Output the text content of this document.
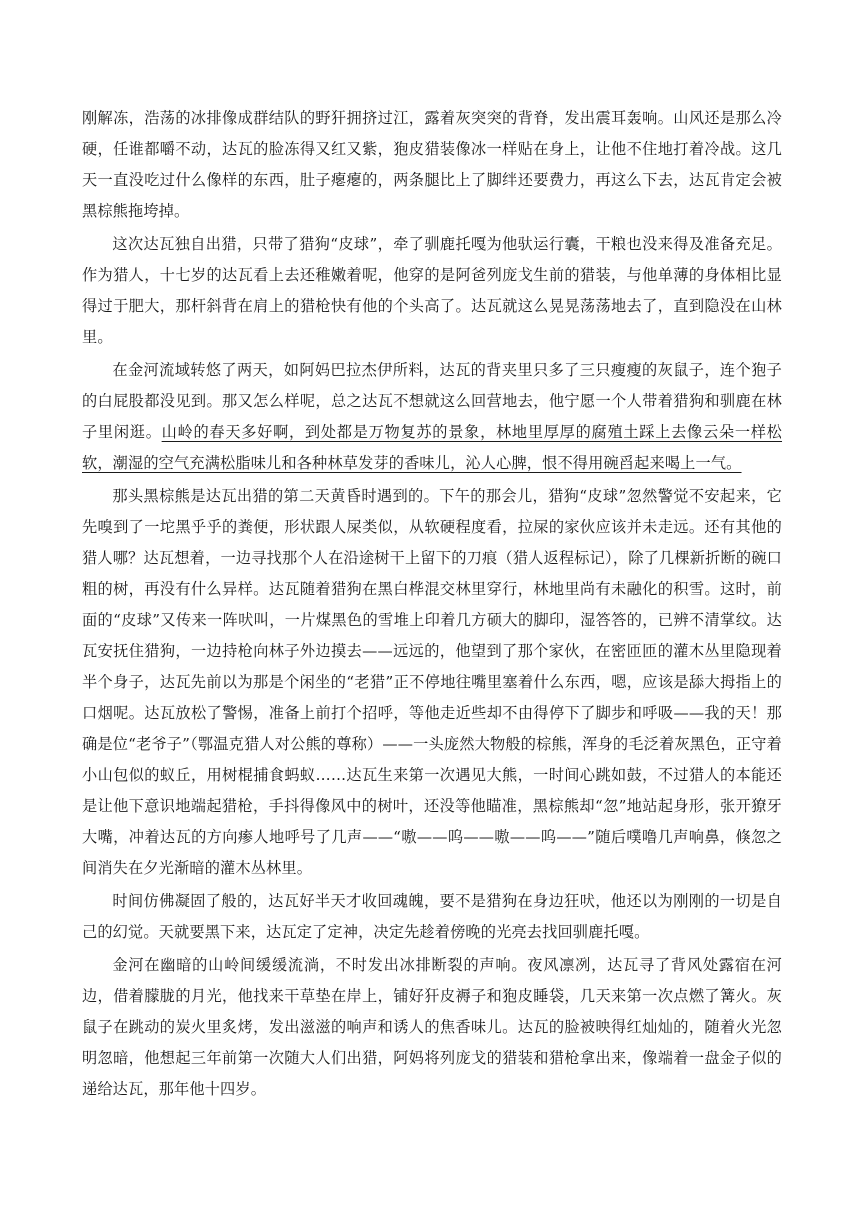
刚解冻，浩荡的冰排像成群结队的野犴拥挤过江，露着灰突突的背脊，发出震耳轰响。山风还是那么冷硬，任谁都嚼不动，达瓦的脸冻得又红又紫，狍皮猎装像冰一样贴在身上，让他不住地打着冷战。这几天一直没吃过什么像样的东西，肚子瘪瘪的，两条腿比上了脚绊还要费力，再这么下去，达瓦肯定会被黑棕熊拖垮掉。

这次达瓦独自出猎，只带了猎狗“皮球”，牵了驯鹿托嘎为他驮运行囊，干粮也没来得及准备充足。作为猎人，十七岁的达瓦看上去还稚嫩着呢，他穿的是阿爸列庞戈生前的猎装，与他单薄的身体相比显得过于肥大，那杆斜背在肩上的猎枪快有他的个头高了。达瓦就这么晃晃荡荡地去了，直到隐没在山林里。

在金河流域转悠了两天，如阿妈巴拉杰伊所料，达瓦的背夹里只多了三只瘦瘦的灰鼠子，连个狍子的白屁股都没见到。那又怎么样呢，总之达瓦不想就这么回营地去，他宁愿一个人带着猎狗和驯鹿在林子里闲逛。山岭的春天多好啊，到处都是万物复苏的景象，林地里厚厚的腐殖土踩上去像云朵一样松软，潮湿的空气充满松脂味儿和各种林草发芽的香味儿，沁人心脾，恨不得用碗舀起来喝上一气。

那头黑棕熊是达瓦出猎的第二天黄昏时遇到的。下午的那会儿，猎狗“皮球”忽然警觉不安起来，它先嗅到了一坨黑乎乎的粪便，形状跟人屎类似，从软硬程度看，拉屎的家伙应该并未走远。还有其他的猎人哪？达瓦想着，一边寻找那个人在沿途树干上留下的刀痕（猎人返程标记），除了几棵新折断的碗口粗的树，再没有什么异样。达瓦随着猎狗在黑白桦混交林里穿行，林地里尚有未融化的积雪。这时，前面的“皮球”又传来一阵吠叫，一片煤黑色的雪堆上印着几方硕大的脚印，湿答答的，已辨不清掌纹。达瓦安抚住猎狗，一边持枪向林子外边摸去——远远的，他望到了那个家伙，在密匝匝的灌木丛里隐现着半个身子，达瓦先前以为那是个闲坐的“老猎”正不停地往嘴里塞着什么东西，嗯，应该是舔大拇指上的口烟呢。达瓦放松了警惕，准备上前打个招呼，等他走近些却不由得停下了脚步和呼吸——我的天！那确是位“老爷子”（鄂温克猎人对公熊的尊称）——一头庞然大物般的棕熊，浑身的毛泛着灰黑色，正守着小山包似的蚁丘，用树棍捕食蚂蚁……达瓦生来第一次遇见大熊，一时间心跳如鼓，不过猎人的本能还是让他下意识地端起猎枪，手抖得像风中的树叶，还没等他瞄准，黑棕熊却“忽”地站起身形，张开獠牙大嘴，冲着达瓦的方向瘆人地呼号了几声——“嗷——呜——嗷——呜——”随后噗噜几声响鼻，倏忽之间消失在夕光渐暗的灌木丛林里。

时间仿佛凝固了般的，达瓦好半天才收回魂魄，要不是猎狗在身边狂吠，他还以为刚刚的一切是自己的幻觉。天就要黑下来，达瓦定了定神，决定先趁着傍晚的光亮去找回驯鹿托嘎。

金河在幽暗的山岭间缓缓流淌，不时发出冰排断裂的声响。夜风凛冽，达瓦寻了背风处露宿在河边，借着朦胧的月光，他找来干草垫在岸上，铺好犴皮褥子和狍皮睡袋，几天来第一次点燃了篝火。灰鼠子在跳动的炭火里炙烤，发出滋滋的响声和诱人的焦香味儿。达瓦的脸被映得红灿灿的，随着火光忽明忽暗，他想起三年前第一次随大人们出猎，阿妈将列庞戈的猎装和猎枪拿出来，像端着一盘金子似的递给达瓦，那年他十四岁。
